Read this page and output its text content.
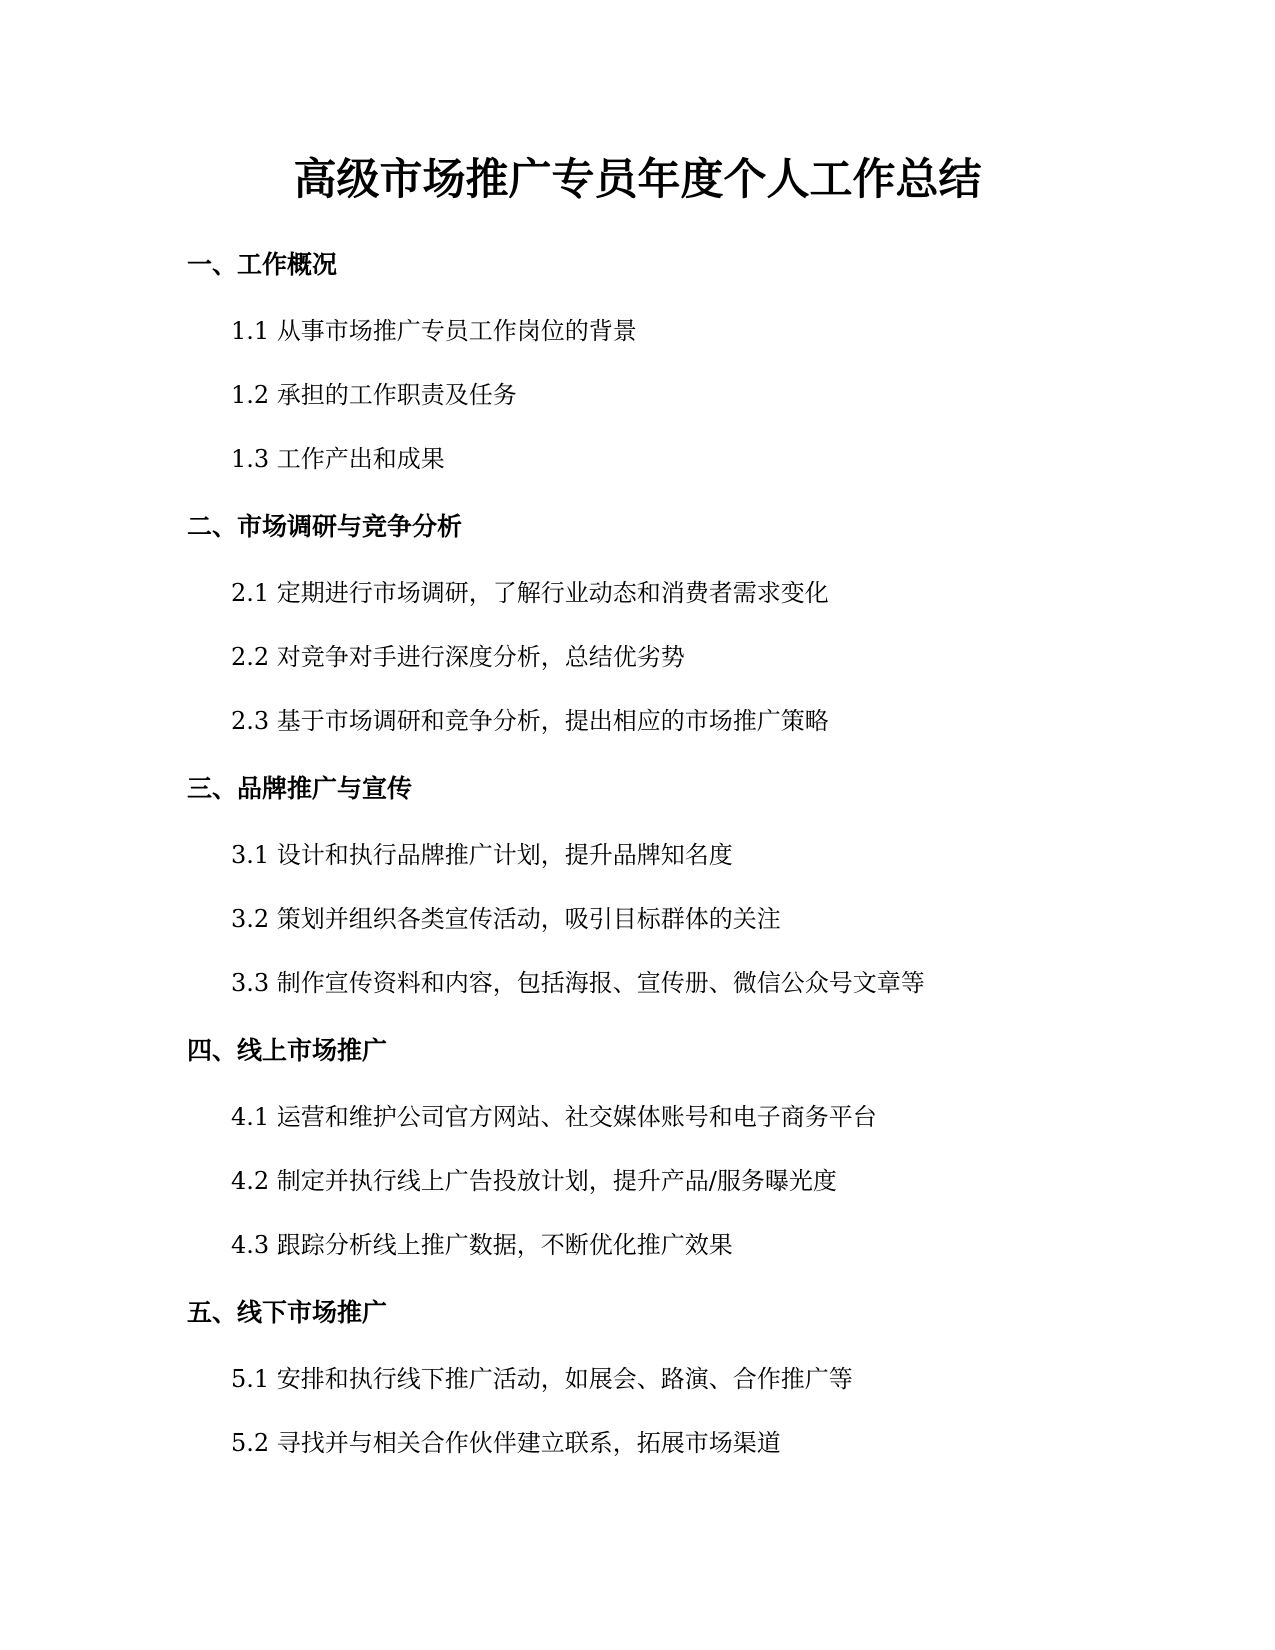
高级市场推广专员年度个人工作总结
一、工作概况

1.1 从事市场推广专员工作岗位的背景

1.2 承担的工作职责及任务

1.3 工作产出和成果

二、市场调研与竞争分析

2.1 定期进行市场调研，了解行业动态和消费者需求变化

2.2 对竞争对手进行深度分析，总结优劣势

2.3 基于市场调研和竞争分析，提出相应的市场推广策略

三、品牌推广与宣传

3.1 设计和执行品牌推广计划，提升品牌知名度

3.2 策划并组织各类宣传活动，吸引目标群体的关注

3.3 制作宣传资料和内容，包括海报、宣传册、微信公众号文章等

四、线上市场推广

4.1 运营和维护公司官方网站、社交媒体账号和电子商务平台

4.2 制定并执行线上广告投放计划，提升产品/服务曝光度

4.3 跟踪分析线上推广数据，不断优化推广效果

五、线下市场推广

5.1 安排和执行线下推广活动，如展会、路演、合作推广等

5.2 寻找并与相关合作伙伴建立联系，拓展市场渠道
